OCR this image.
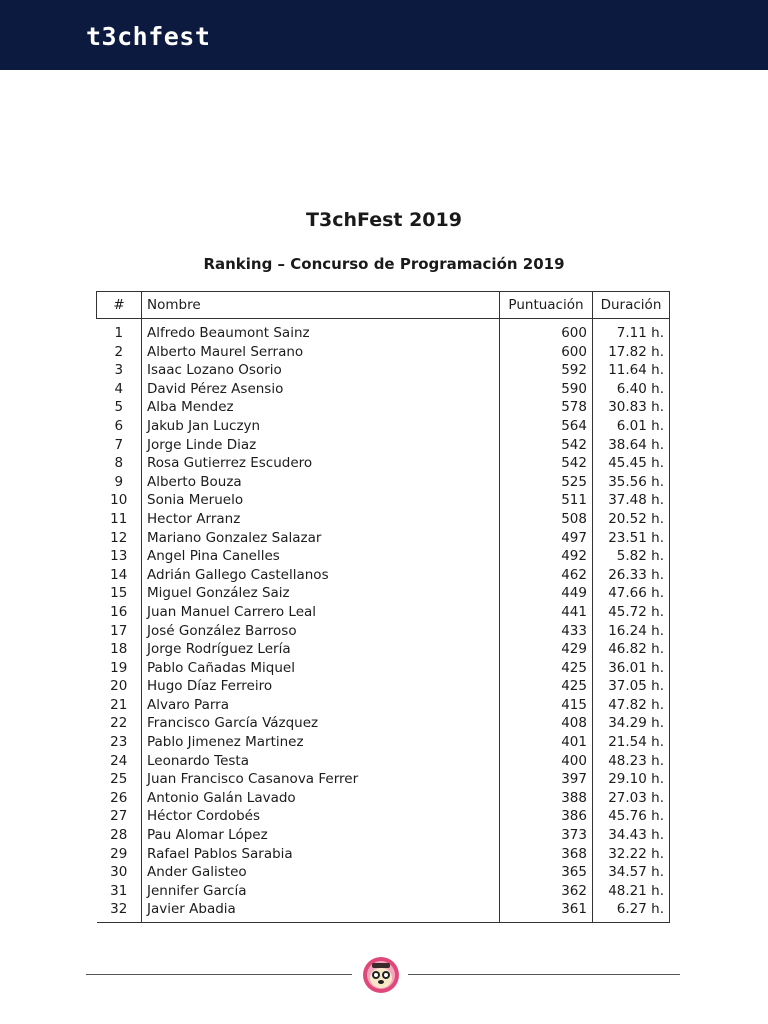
t3chfest
T3chFest 2019
Ranking – Concurso de Programación 2019
#	Nombre	Puntuación	Duración
1	Alfredo Beaumont Sainz	600	7.11 h.
2	Alberto Maurel Serrano	600	17.82 h.
3	Isaac Lozano Osorio	592	11.64 h.
4	David Pérez Asensio	590	6.40 h.
5	Alba Mendez	578	30.83 h.
6	Jakub Jan Luczyn	564	6.01 h.
7	Jorge Linde Diaz	542	38.64 h.
8	Rosa Gutierrez Escudero	542	45.45 h.
9	Alberto Bouza	525	35.56 h.
10	Sonia Meruelo	511	37.48 h.
11	Hector Arranz	508	20.52 h.
12	Mariano Gonzalez Salazar	497	23.51 h.
13	Angel Pina Canelles	492	5.82 h.
14	Adrián Gallego Castellanos	462	26.33 h.
15	Miguel González Saiz	449	47.66 h.
16	Juan Manuel Carrero Leal	441	45.72 h.
17	José González Barroso	433	16.24 h.
18	Jorge Rodríguez Lería	429	46.82 h.
19	Pablo Cañadas Miquel	425	36.01 h.
20	Hugo Díaz Ferreiro	425	37.05 h.
21	Alvaro Parra	415	47.82 h.
22	Francisco García Vázquez	408	34.29 h.
23	Pablo Jimenez Martinez	401	21.54 h.
24	Leonardo Testa	400	48.23 h.
25	Juan Francisco Casanova Ferrer	397	29.10 h.
26	Antonio Galán Lavado	388	27.03 h.
27	Héctor Cordobés	386	45.76 h.
28	Pau Alomar López	373	34.43 h.
29	Rafael Pablos Sarabia	368	32.22 h.
30	Ander Galisteo	365	34.57 h.
31	Jennifer García	362	48.21 h.
32	Javier Abadia	361	6.27 h.
